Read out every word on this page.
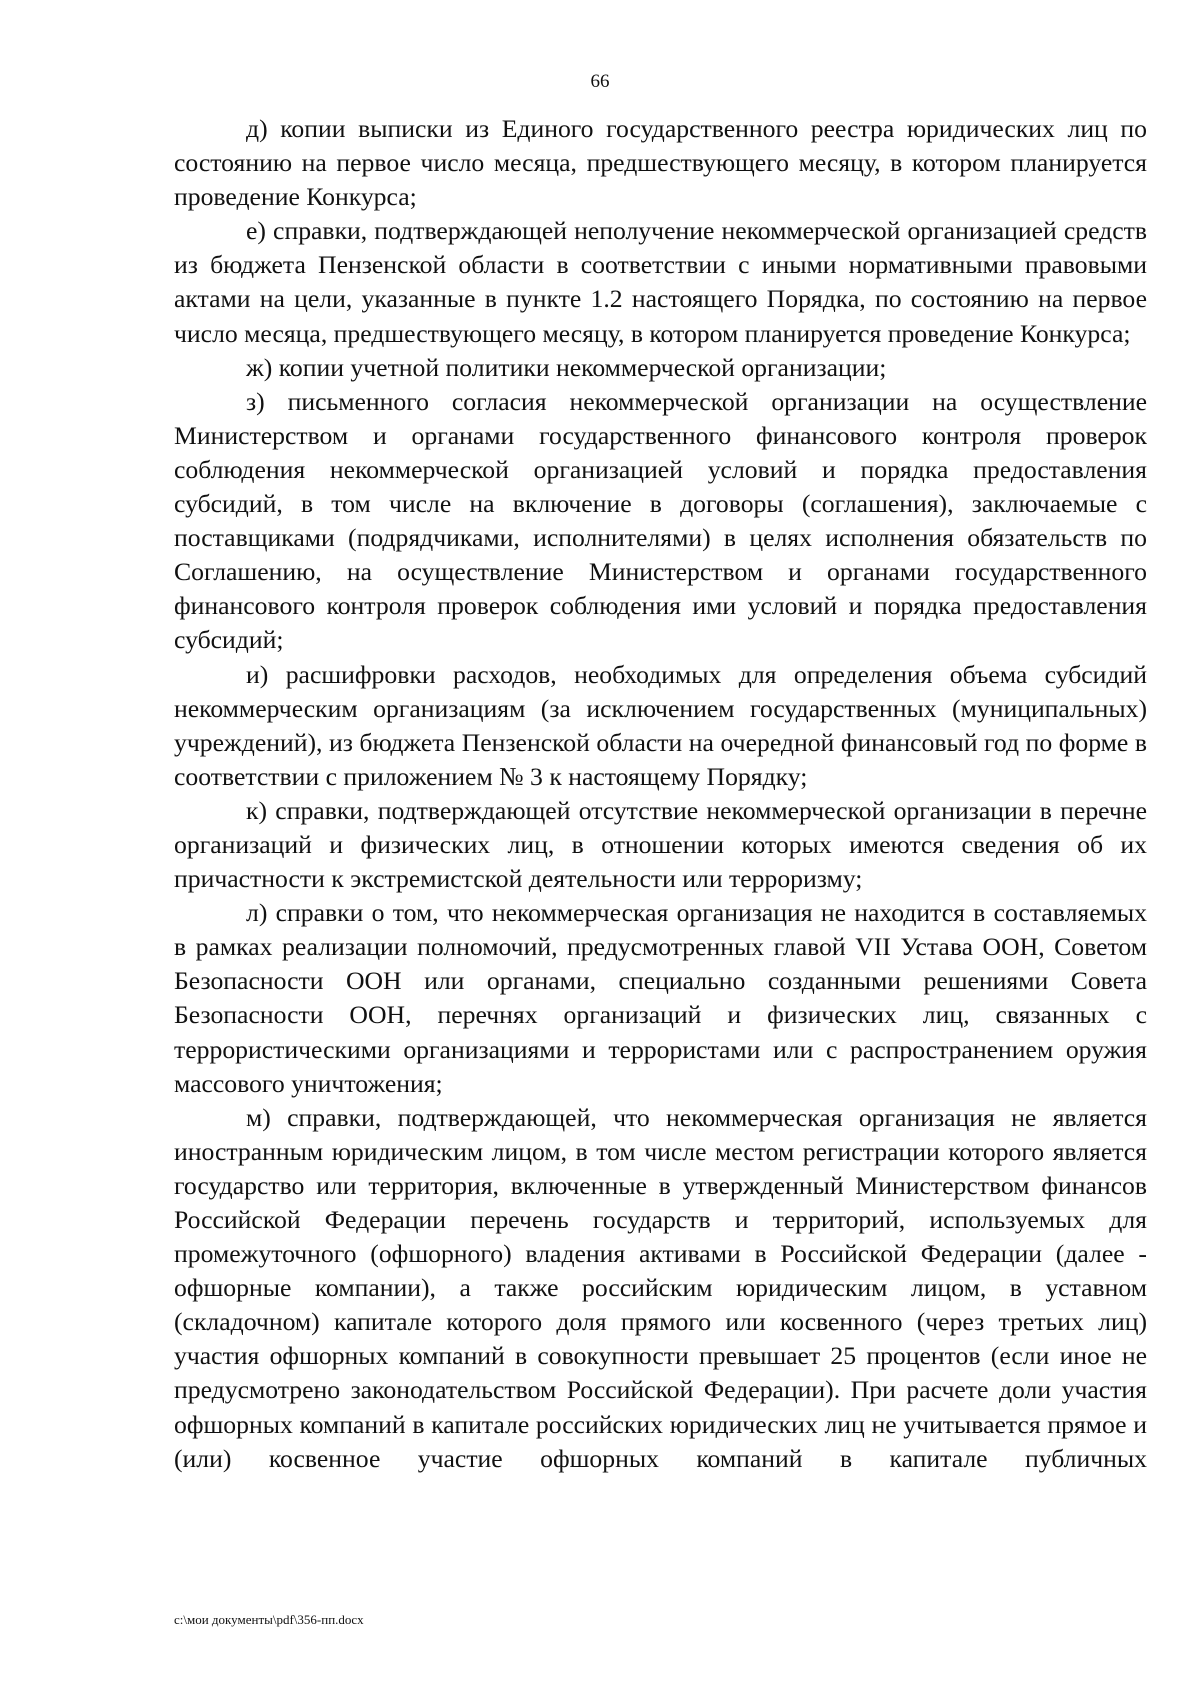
66

д) копии выписки из Единого государственного реестра юридических лиц по состоянию на первое число месяца, предшествующего месяцу, в котором планируется проведение Конкурса;

е) справки, подтверждающей неполучение некоммерческой организацией средств из бюджета Пензенской области в соответствии с иными нормативными правовыми актами на цели, указанные в пункте 1.2 настоящего Порядка, по состоянию на первое число месяца, предшествующего месяцу, в котором планируется проведение Конкурса;

ж) копии учетной политики некоммерческой организации;

з) письменного согласия некоммерческой организации на осуществление Министерством и органами государственного финансового контроля проверок соблюдения некоммерческой организацией условий и порядка предоставления субсидий, в том числе на включение в договоры (соглашения), заключаемые с поставщиками (подрядчиками, исполнителями) в целях исполнения обязательств по Соглашению, на осуществление Министерством и органами государственного финансового контроля проверок соблюдения ими условий и порядка предоставления субсидий;

и) расшифровки расходов, необходимых для определения объема субсидий некоммерческим организациям (за исключением государственных (муниципальных) учреждений), из бюджета Пензенской области на очередной финансовый год по форме в соответствии с приложением № 3 к настоящему Порядку;

к) справки, подтверждающей отсутствие некоммерческой организации в перечне организаций и физических лиц, в отношении которых имеются сведения об их причастности к экстремистской деятельности или терроризму;

л) справки о том, что некоммерческая организация не находится в составляемых в рамках реализации полномочий, предусмотренных главой VII Устава ООН, Советом Безопасности ООН или органами, специально созданными решениями Совета Безопасности ООН, перечнях организаций и физических лиц, связанных с террористическими организациями и террористами или с распространением оружия массового уничтожения;

м) справки, подтверждающей, что некоммерческая организация не является иностранным юридическим лицом, в том числе местом регистрации которого является государство или территория, включенные в утвержденный Министерством финансов Российской Федерации перечень государств и территорий, используемых для промежуточного (офшорного) владения активами в Российской Федерации (далее - офшорные компании), а также российским юридическим лицом, в уставном (складочном) капитале которого доля прямого или косвенного (через третьих лиц) участия офшорных компаний в совокупности превышает 25 процентов (если иное не предусмотрено законодательством Российской Федерации). При расчете доли участия офшорных компаний в капитале российских юридических лиц не учитывается прямое и (или) косвенное участие офшорных компаний в капитале публичных

c:\мои документы\pdf\356-пп.docx
